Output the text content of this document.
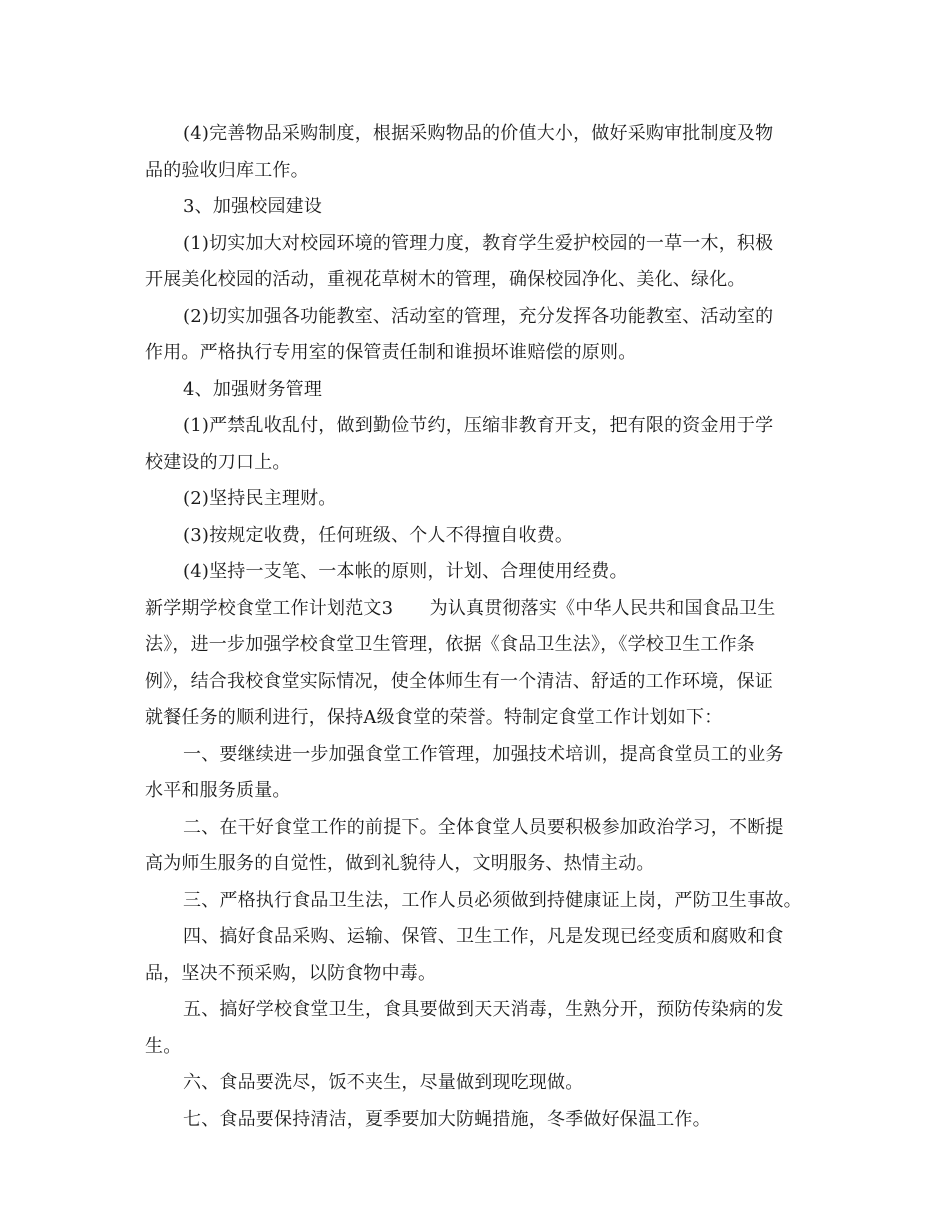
(4)完善物品采购制度，根据采购物品的价值大小，做好采购审批制度及物
品的验收归库工作。
3、加强校园建设
(1)切实加大对校园环境的管理力度，教育学生爱护校园的一草一木，积极
开展美化校园的活动，重视花草树木的管理，确保校园净化、美化、绿化。
(2)切实加强各功能教室、活动室的管理，充分发挥各功能教室、活动室的
作用。严格执行专用室的保管责任制和谁损坏谁赔偿的原则。
4、加强财务管理
(1)严禁乱收乱付，做到勤俭节约，压缩非教育开支，把有限的资金用于学
校建设的刀口上。
(2)坚持民主理财。
(3)按规定收费，任何班级、个人不得擅自收费。
(4)坚持一支笔、一本帐的原则，计划、合理使用经费。
新学期学校食堂工作计划范文3　　为认真贯彻落实《中华人民共和国食品卫生
法》，进一步加强学校食堂卫生管理，依据《食品卫生法》，《学校卫生工作条
例》，结合我校食堂实际情况，使全体师生有一个清洁、舒适的工作环境，保证
就餐任务的顺利进行，保持A级食堂的荣誉。特制定食堂工作计划如下：
一、要继续进一步加强食堂工作管理，加强技术培训，提高食堂员工的业务
水平和服务质量。
二、在干好食堂工作的前提下。全体食堂人员要积极参加政治学习，不断提
高为师生服务的自觉性，做到礼貌待人，文明服务、热情主动。
三、严格执行食品卫生法，工作人员必须做到持健康证上岗，严防卫生事故。
四、搞好食品采购、运输、保管、卫生工作，凡是发现已经变质和腐败和食
品，坚决不预采购，以防食物中毒。
五、搞好学校食堂卫生，食具要做到天天消毒，生熟分开，预防传染病的发
生。
六、食品要洗尽，饭不夹生，尽量做到现吃现做。
七、食品要保持清洁，夏季要加大防蝇措施，冬季做好保温工作。
